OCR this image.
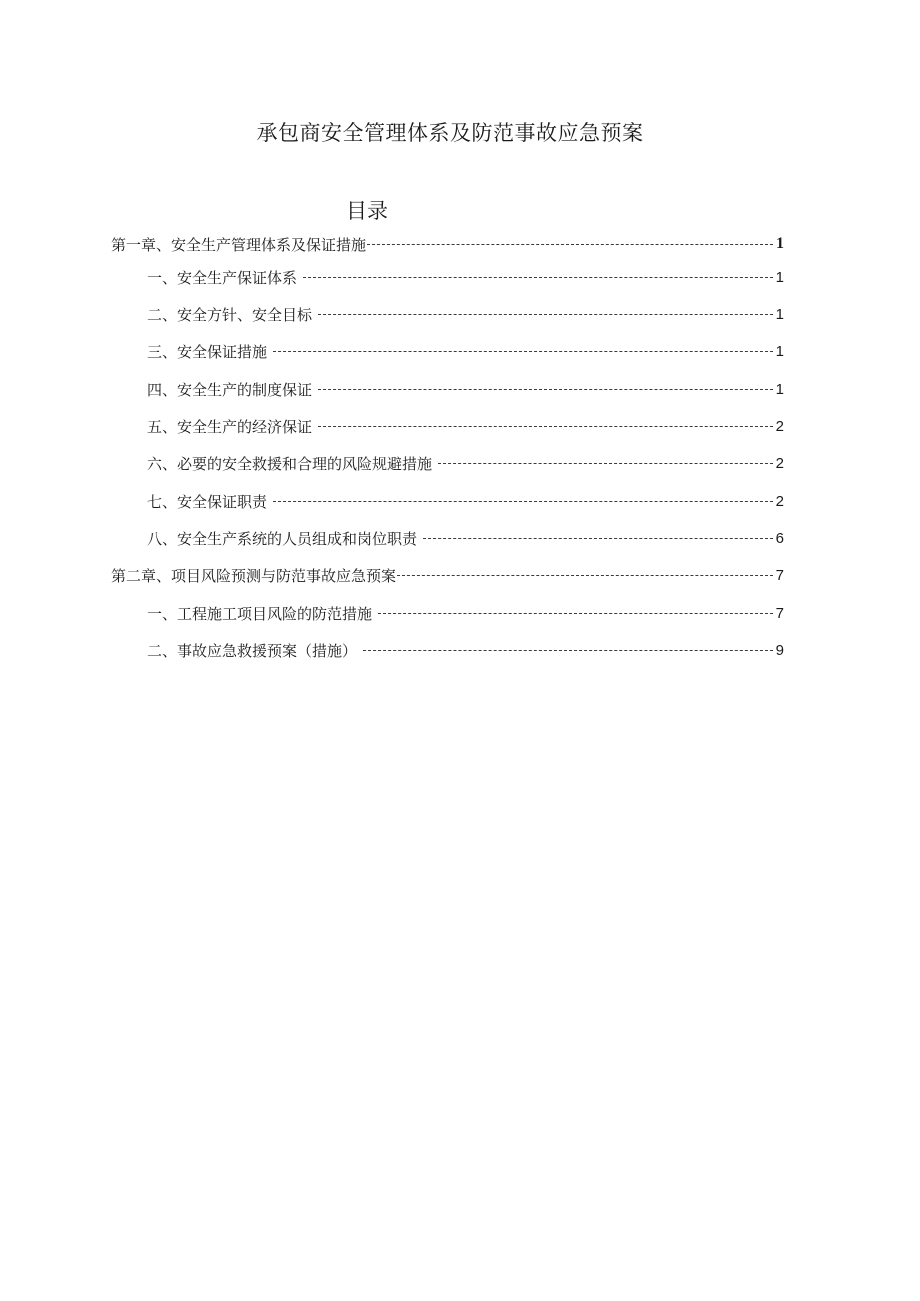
承包商安全管理体系及防范事故应急预案
目录
第一章、安全生产管理体系及保证措施	1
一、安全生产保证体系	1
二、安全方针、安全目标	1
三、安全保证措施	1
四、安全生产的制度保证	1
五、安全生产的经济保证	2
六、必要的安全救援和合理的风险规避措施	2
七、安全保证职责	2
八、安全生产系统的人员组成和岗位职责	6
第二章、项目风险预测与防范事故应急预案	7
一、工程施工项目风险的防范措施	7
二、事故应急救援预案（措施）	9
